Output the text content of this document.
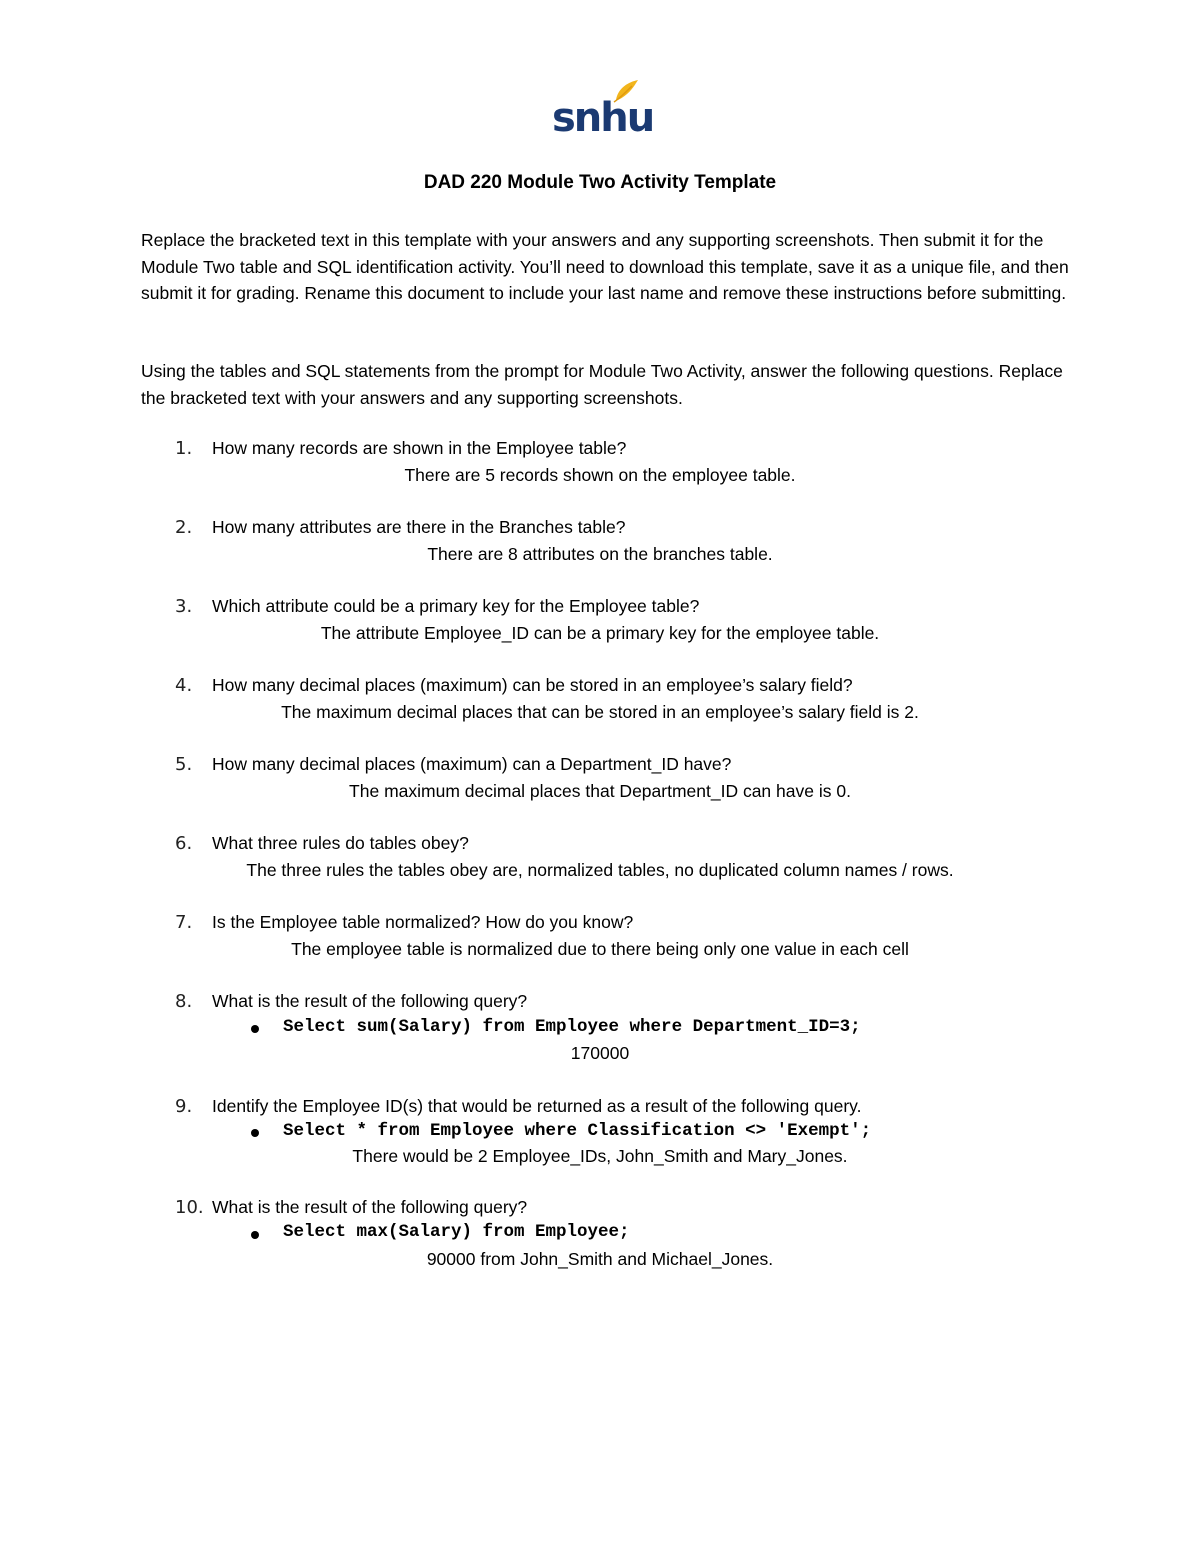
snhu
DAD 220 Module Two Activity Template
Replace the bracketed text in this template with your answers and any supporting screenshots. Then submit it for the Module Two table and SQL identification activity. You’ll need to download this template, save it as a unique file, and then submit it for grading. Rename this document to include your last name and remove these instructions before submitting.
Using the tables and SQL statements from the prompt for Module Two Activity, answer the following questions. Replace the bracketed text with your answers and any supporting screenshots.
1. How many records are shown in the Employee table?
There are 5 records shown on the employee table.
2. How many attributes are there in the Branches table?
There are 8 attributes on the branches table.
3. Which attribute could be a primary key for the Employee table?
The attribute Employee_ID can be a primary key for the employee table.
4. How many decimal places (maximum) can be stored in an employee’s salary field?
The maximum decimal places that can be stored in an employee’s salary field is 2.
5. How many decimal places (maximum) can a Department_ID have?
The maximum decimal places that Department_ID can have is 0.
6. What three rules do tables obey?
The three rules the tables obey are, normalized tables, no duplicated column names / rows.
7. Is the Employee table normalized? How do you know?
The employee table is normalized due to there being only one value in each cell
8. What is the result of the following query?
Select sum(Salary) from Employee where Department_ID=3;
170000
9. Identify the Employee ID(s) that would be returned as a result of the following query.
Select * from Employee where Classification <> 'Exempt';
There would be 2 Employee_IDs, John_Smith and Mary_Jones.
10. What is the result of the following query?
Select max(Salary) from Employee;
90000 from John_Smith and Michael_Jones.
